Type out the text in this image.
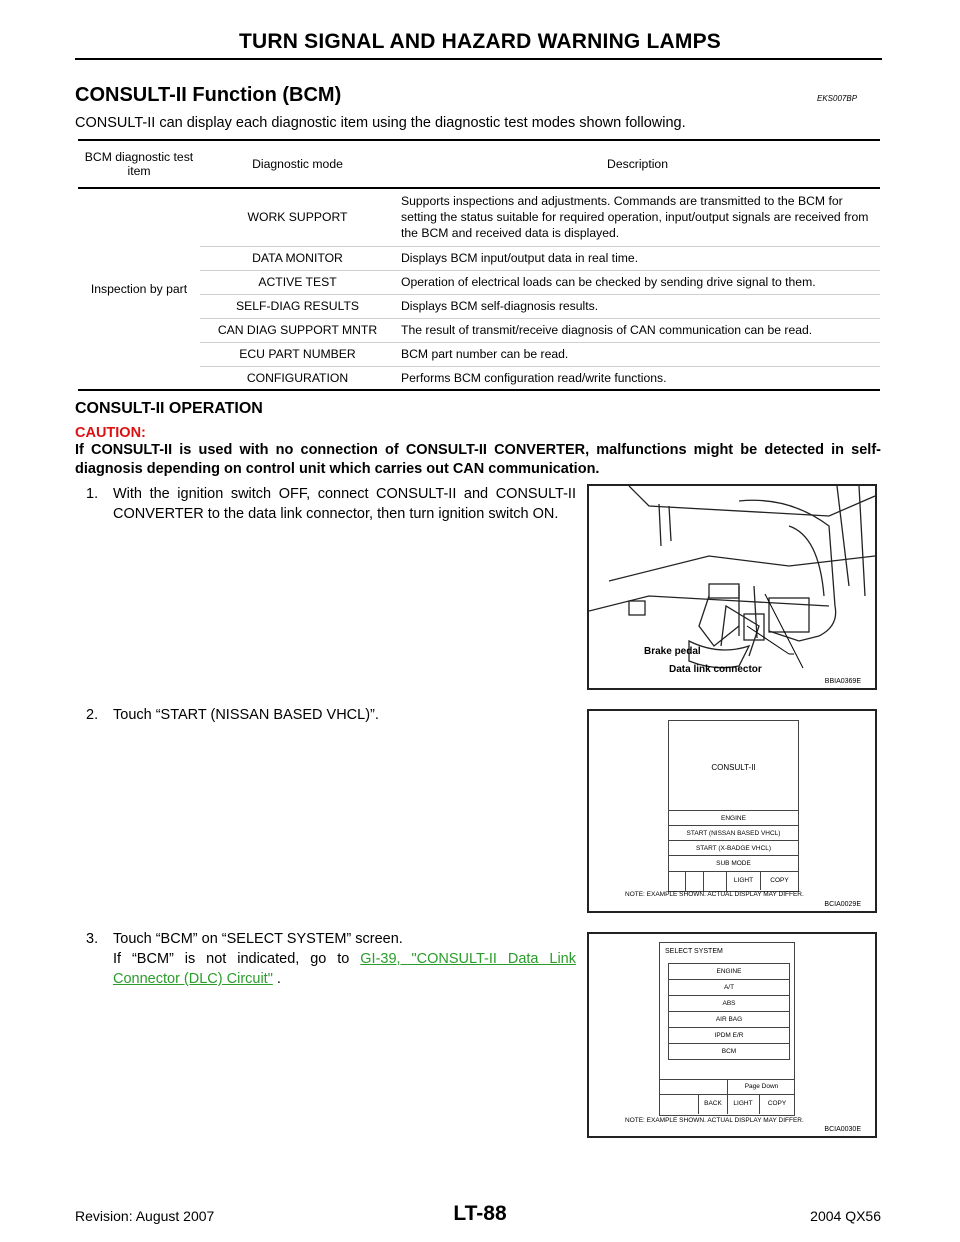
TURN SIGNAL AND HAZARD WARNING LAMPS
CONSULT-II Function (BCM)	EKS007BP
CONSULT-II can display each diagnostic item using the diagnostic test modes shown following.
BCM diagnostic test item	Diagnostic mode	Description
Inspection by part	WORK SUPPORT	Supports inspections and adjustments. Commands are transmitted to the BCM for setting the status suitable for required operation, input/output signals are received from the BCM and received data is displayed.
	DATA MONITOR	Displays BCM input/output data in real time.
	ACTIVE TEST	Operation of electrical loads can be checked by sending drive signal to them.
	SELF-DIAG RESULTS	Displays BCM self-diagnosis results.
	CAN DIAG SUPPORT MNTR	The result of transmit/receive diagnosis of CAN communication can be read.
	ECU PART NUMBER	BCM part number can be read.
	CONFIGURATION	Performs BCM configuration read/write functions.
CONSULT-II OPERATION
CAUTION:
If CONSULT-II is used with no connection of CONSULT-II CONVERTER, malfunctions might be detected in self-diagnosis depending on control unit which carries out CAN communication.
1. With the ignition switch OFF, connect CONSULT-II and CONSULT-II CONVERTER to the data link connector, then turn ignition switch ON.
2. Touch “START (NISSAN BASED VHCL)”.
3. Touch “BCM” on “SELECT SYSTEM” screen.
If “BCM” is not indicated, go to GI-39, "CONSULT-II Data Link Connector (DLC) Circuit" .
Brake pedal
Data link connector
BBIA0369E
CONSULT-II
ENGINE
START (NISSAN BASED VHCL)
START (X-BADGE VHCL)
SUB MODE
LIGHT	COPY
NOTE: EXAMPLE SHOWN. ACTUAL DISPLAY MAY DIFFER.
BCIA0029E
SELECT SYSTEM
ENGINE
A/T
ABS
AIR BAG
IPDM E/R
BCM
Page Down
BACK	LIGHT	COPY
NOTE: EXAMPLE SHOWN. ACTUAL DISPLAY MAY DIFFER.
BCIA0030E
Revision: August 2007	LT-88	2004 QX56
